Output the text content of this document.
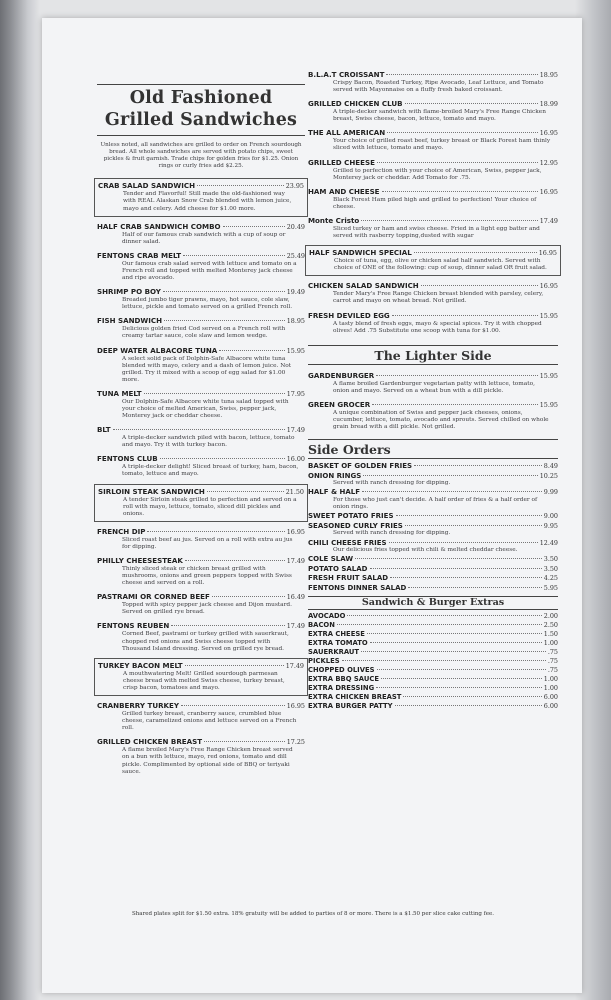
Old Fashioned
Grilled Sandwiches
Unless noted, all sandwiches are grilled to order on French sourdough bread. All whole sandwiches are served with potato chips, sweet pickles & fruit garnish. Trade chips for golden fries for $1.25. Onion rings or curly fries add $2.25.
CRAB SALAD SANDWICH	23.95
Tender and Flavorful! Still made the old-fashioned way with REAL Alaskan Snow Crab blended with lemon juice, mayo and celery. Add cheese for $1.00 more.
HALF CRAB SANDWICH COMBO	20.49
Half of our famous crab sandwich with a cup of soup or dinner salad.
FENTONS CRAB MELT	25.49
Our famous crab salad served with lettuce and tomato on a French roll and topped with melted Monterey jack cheese and ripe avocado.
SHRIMP PO BOY	19.49
Breaded jumbo tiger prawns, mayo, hot sauce, cole slaw, lettuce, pickle and tomato served on a grilled French roll.
FISH SANDWICH	18.95
Delicious golden fried Cod served on a French roll with creamy tartar sauce, cole slaw and lemon wedge.
DEEP WATER ALBACORE TUNA	15.95
A select solid pack of Dolphin-Safe Albacore white tuna blended with mayo, celery and a dash of lemon juice. Not grilled. Try it mixed with a scoop of egg salad for $1.00 more.
TUNA MELT	17.95
Our Dolphin-Safe Albacore white tuna salad topped with your choice of melted American, Swiss, pepper jack, Monterey jack or cheddar cheese.
BLT	17.49
A triple-decker sandwich piled with bacon, lettuce, tomato and mayo. Try it with turkey bacon.
FENTONS CLUB	16.00
A triple-decker delight! Sliced breast of turkey, ham, bacon, tomato, lettuce and mayo.
SIRLOIN STEAK SANDWICH	21.50
A tender Sirloin steak grilled to perfection and served on a roll with mayo, lettuce, tomato, sliced dill pickles and onions.
FRENCH DIP	16.95
Sliced roast beef au jus. Served on a roll with extra au jus for dipping.
PHILLY CHEESESTEAK	17.49
Thinly sliced steak or chicken breast grilled with mushrooms, onions and green peppers topped with Swiss cheese and served on a roll.
PASTRAMI OR CORNED BEEF	16.49
Topped with spicy pepper jack cheese and Dijon mustard. Served on grilled rye bread.
FENTONS REUBEN	17.49
Corned Beef, pastrami or turkey grilled with sauerkraut, chopped red onions and Swiss cheese topped with Thousand Island dressing. Served on grilled rye bread.
TURKEY BACON MELT	17.49
A mouthwatering Melt! Grilled sourdough parmesan cheese bread with melted Swiss cheese, turkey breast, crisp bacon, tomatoes and mayo.
CRANBERRY TURKEY	16.95
Grilled turkey breast, cranberry sauce, crumbled blue cheese, caramelized onions and lettuce served on a French roll.
GRILLED CHICKEN BREAST	17.25
A flame broiled Mary's Free Range Chicken breast served on a bun with lettuce, mayo, red onions, tomato and dill pickle. Complimented by optional side of BBQ or teriyaki sauce.
B.L.A.T CROISSANT	18.95
Crispy Bacon, Roasted Turkey, Ripe Avocado, Leaf Lettuce, and Tomato served with Mayonnaise on a fluffy fresh baked croissant.
GRILLED CHICKEN CLUB	18.99
A triple-decker sandwich with flame-broiled Mary's Free Range Chicken breast, Swiss cheese, bacon, lettuce, tomato and mayo.
THE ALL AMERICAN	16.95
Your choice of grilled roast beef, turkey breast or Black Forest ham thinly sliced with lettuce, tomato and mayo.
GRILLED CHEESE	12.95
Grilled to perfection with your choice of American, Swiss, pepper jack, Monterey jack or cheddar. Add Tomato for .75.
HAM AND CHEESE	16.95
Black Forest Ham piled high and grilled to perfection! Your choice of cheese.
Monte Cristo	17.49
Sliced turkey or ham and swiss cheese. Fried in a light egg batter and served with rasberry topping,dusted with sugar
HALF SANDWICH SPECIAL	16.95
Choice of tuna, egg, olive or chicken salad half sandwich. Served with choice of ONE of the following: cup of soup, dinner salad OR fruit salad.
CHICKEN SALAD SANDWICH	16.95
Tender Mary's Free Range Chicken breast blended with parsley, celery, carrot and mayo on wheat bread. Not grilled.
FRESH DEVILED EGG	15.95
A tasty blend of fresh eggs, mayo & special spices. Try it with chopped olives! Add .75 Substitute one scoop with tuna for $1.00.
The Lighter Side
GARDENBURGER	15.95
A flame broiled Gardenburger vegetarian patty with lettuce, tomato, onion and mayo. Served on a wheat bun with a dill pickle.
GREEN GROCER	15.95
A unique combination of Swiss and pepper jack cheeses, onions, cucumber, lettuce, tomato, avocado and sprouts. Served chilled on whole grain bread with a dill pickle. Not grilled.
Side Orders
BASKET OF GOLDEN FRIES	8.49
ONION RINGS	10.25
Served with ranch dressing for dipping.
HALF & HALF	9.99
For those who just can't decide. A half order of fries & a half order of onion rings.
SWEET POTATO FRIES	9.00
SEASONED CURLY FRIES	9.95
Served with ranch dressing for dipping.
CHILI CHEESE FRIES	12.49
Our delicious fries topped with chili & melted cheddar cheese.
COLE SLAW	3.50
POTATO SALAD	3.50
FRESH FRUIT SALAD	4.25
FENTONS DINNER SALAD	5.95
Sandwich & Burger Extras
AVOCADO	2.00
BACON	2.50
EXTRA CHEESE	1.50
EXTRA TOMATO	1.00
SAUERKRAUT	.75
PICKLES	.75
CHOPPED OLIVES	.75
EXTRA BBQ SAUCE	1.00
EXTRA DRESSING	1.00
EXTRA CHICKEN BREAST	6.00
EXTRA BURGER PATTY	6.00
Shared plates split for $1.50 extra. 18% gratuity will be added to parties of 8 or more. There is a $1.50 per slice cake cutting fee.
